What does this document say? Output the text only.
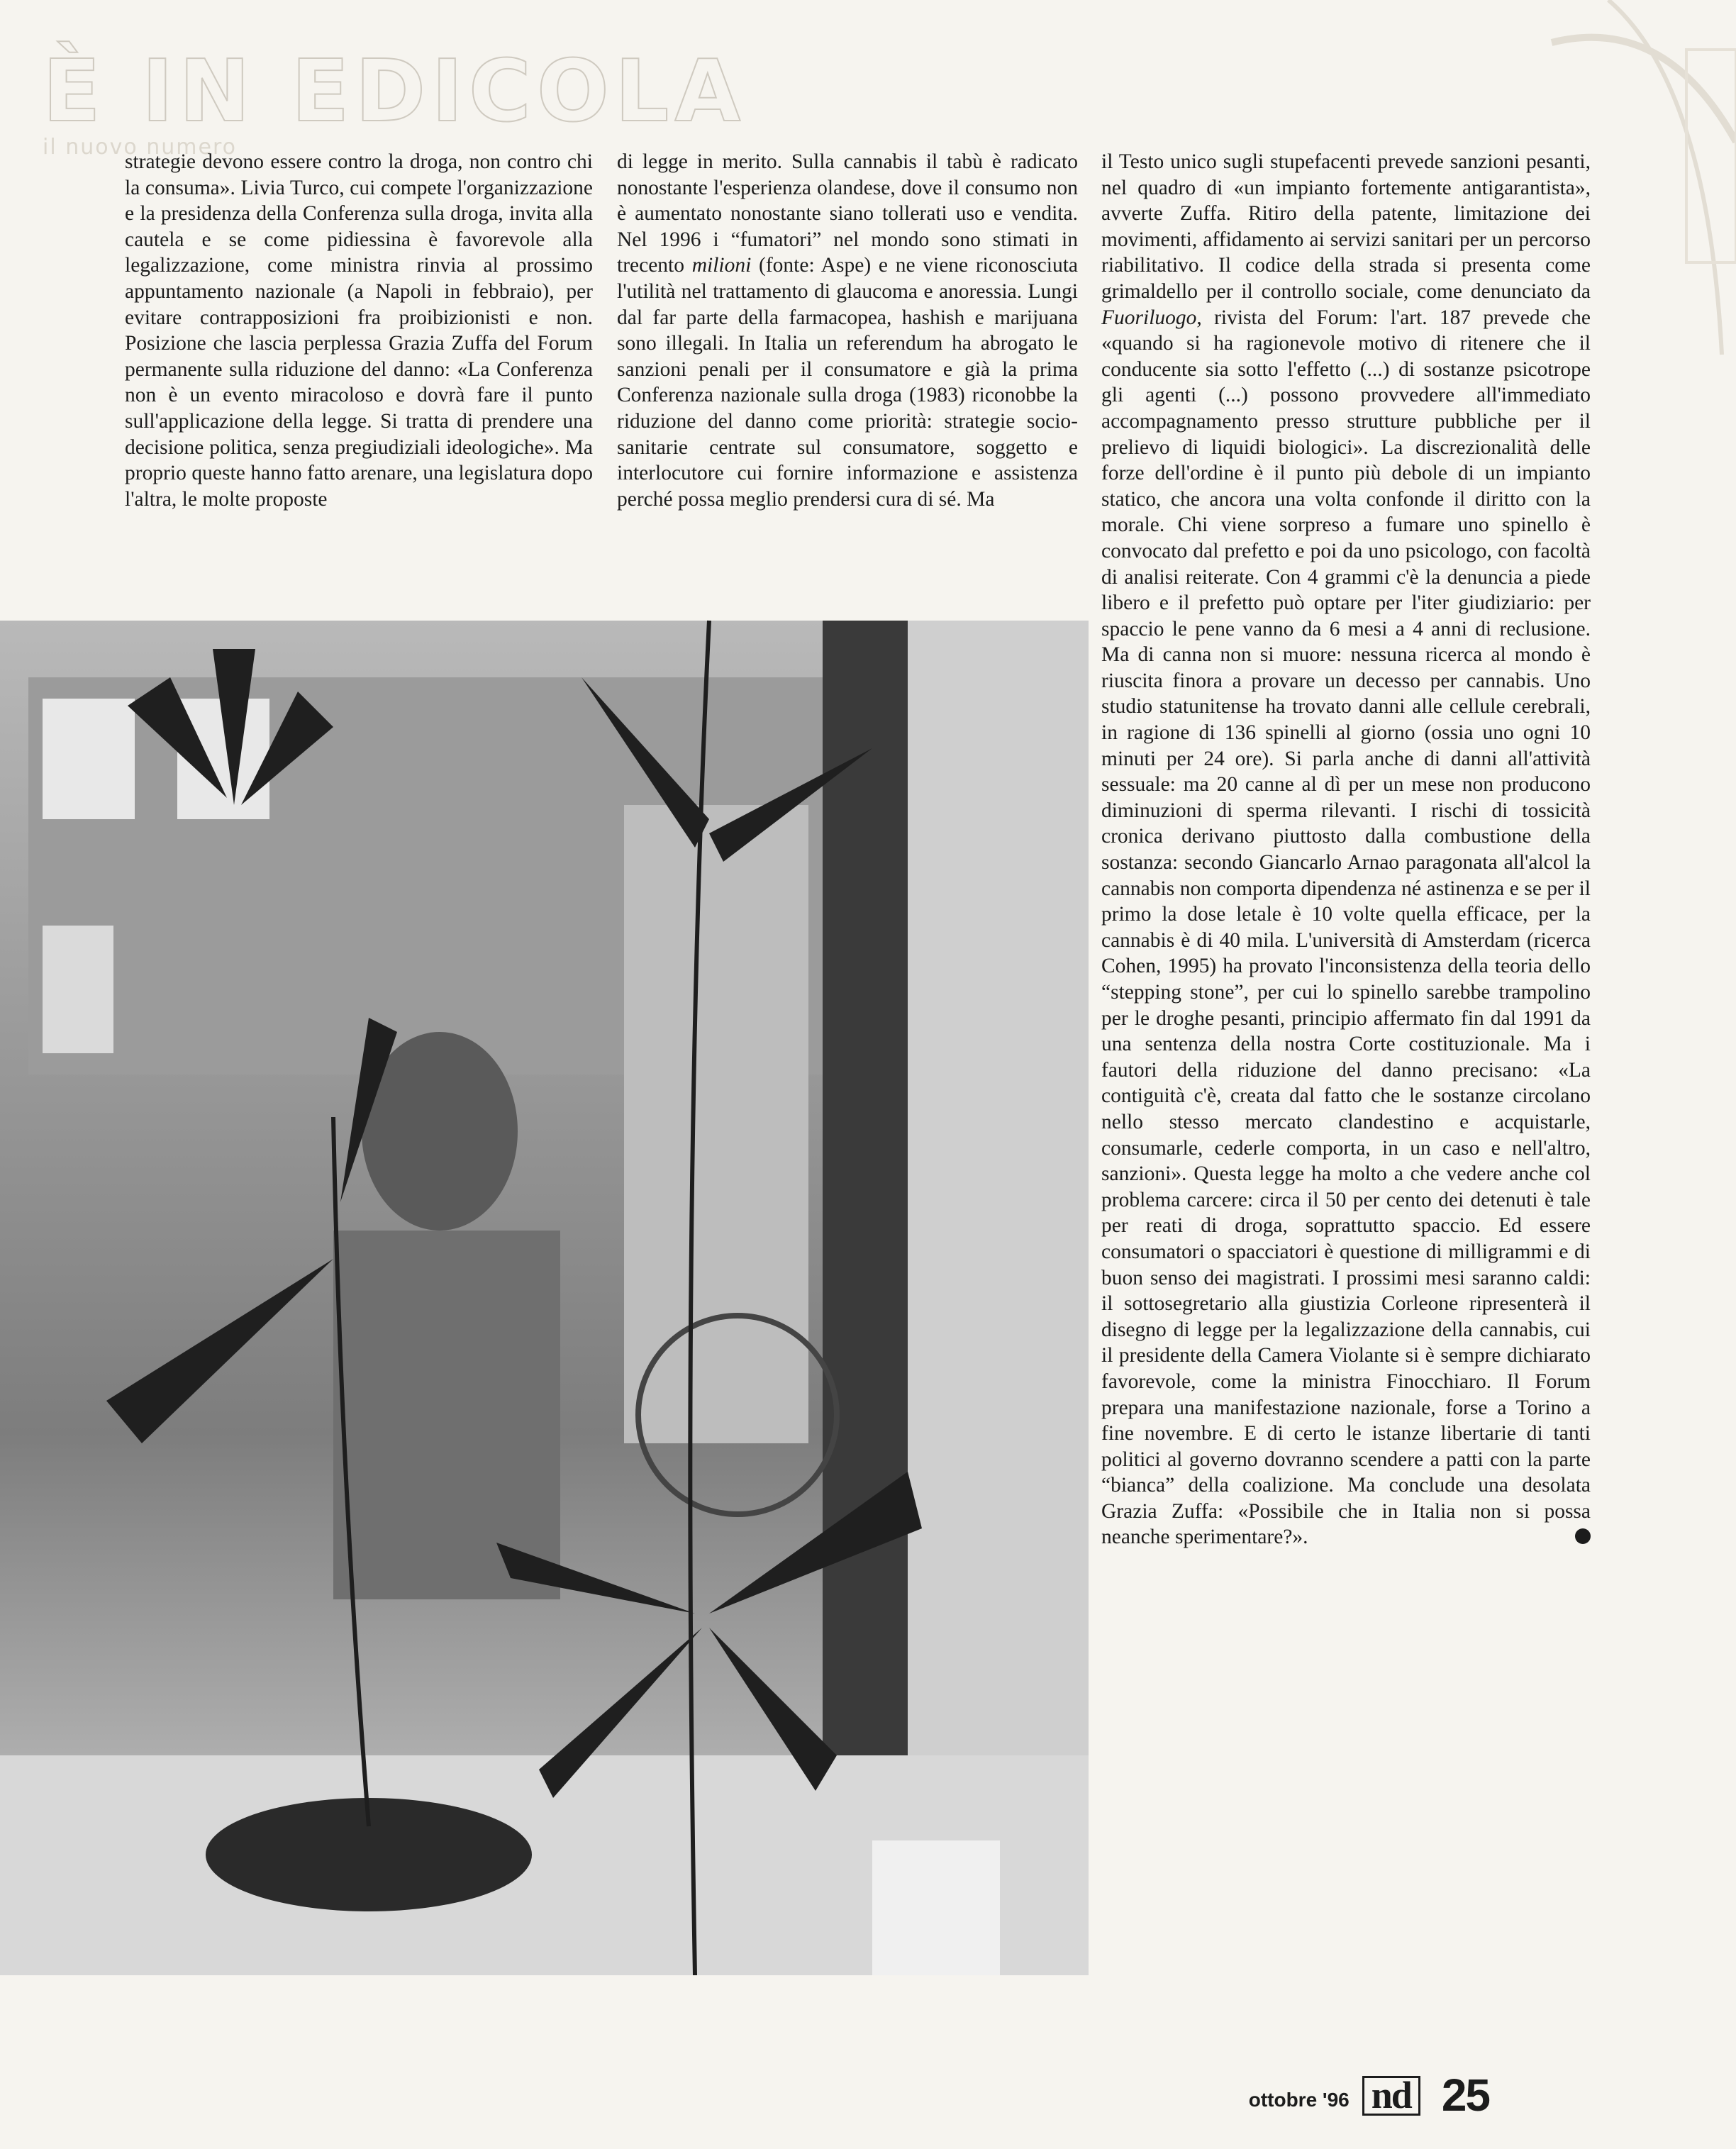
È IN EDICOLA
il nuovo numero

strategie devono essere contro la droga, non contro chi la consuma». Livia Turco, cui compete l'organizzazione e la presidenza della Conferenza sulla droga, invita alla cautela e se come pidiessina è favorevole alla legalizzazione, come ministra rinvia al prossimo appuntamento nazionale (a Napoli in febbraio), per evitare contrapposizioni fra proibizionisti e non. Posizione che lascia perplessa Grazia Zuffa del Forum permanente sulla riduzione del danno: «La Conferenza non è un evento miracoloso e dovrà fare il punto sull'applicazione della legge. Si tratta di prendere una decisione politica, senza pregiudiziali ideologiche». Ma proprio queste hanno fatto arenare, una legislatura dopo l'altra, le molte proposte

di legge in merito. Sulla cannabis il tabù è radicato nonostante l'esperienza olandese, dove il consumo non è aumentato nonostante siano tollerati uso e vendita. Nel 1996 i “fumatori” nel mondo sono stimati in trecento milioni (fonte: Aspe) e ne viene riconosciuta l'utilità nel trattamento di glaucoma e anoressia. Lungi dal far parte della farmacopea, hashish e marijuana sono illegali. In Italia un referendum ha abrogato le sanzioni penali per il consumatore e già la prima Conferenza nazionale sulla droga (1983) riconobbe la riduzione del danno come priorità: strategie socio-sanitarie centrate sul consumatore, soggetto e interlocutore cui fornire informazione e assistenza perché possa meglio prendersi cura di sé. Ma

il Testo unico sugli stupefacenti prevede sanzioni pesanti, nel quadro di «un impianto fortemente antigarantista», avverte Zuffa. Ritiro della patente, limitazione dei movimenti, affidamento ai servizi sanitari per un percorso riabilitativo. Il codice della strada si presenta come grimaldello per il controllo sociale, come denunciato da Fuoriluogo, rivista del Forum: l'art. 187 prevede che «quando si ha ragionevole motivo di ritenere che il conducente sia sotto l'effetto (...) di sostanze psicotrope gli agenti (...) possono provvedere all'immediato accompagnamento presso strutture pubbliche per il prelievo di liquidi biologici». La discrezionalità delle forze dell'ordine è il punto più debole di un impianto statico, che ancora una volta confonde il diritto con la morale. Chi viene sorpreso a fumare uno spinello è convocato dal prefetto e poi da uno psicologo, con facoltà di analisi reiterate. Con 4 grammi c'è la denuncia a piede libero e il prefetto può optare per l'iter giudiziario: per spaccio le pene vanno da 6 mesi a 4 anni di reclusione. Ma di canna non si muore: nessuna ricerca al mondo è riuscita finora a provare un decesso per cannabis. Uno studio statunitense ha trovato danni alle cellule cerebrali, in ragione di 136 spinelli al giorno (ossia uno ogni 10 minuti per 24 ore). Si parla anche di danni all'attività sessuale: ma 20 canne al dì per un mese non producono diminuzioni di sperma rilevanti. I rischi di tossicità cronica derivano piuttosto dalla combustione della sostanza: secondo Giancarlo Arnao paragonata all'alcol la cannabis non comporta dipendenza né astinenza e se per il primo la dose letale è 10 volte quella efficace, per la cannabis è di 40 mila. L'università di Amsterdam (ricerca Cohen, 1995) ha provato l'inconsistenza della teoria dello “stepping stone”, per cui lo spinello sarebbe trampolino per le droghe pesanti, principio affermato fin dal 1991 da una sentenza della nostra Corte costituzionale. Ma i fautori della riduzione del danno precisano: «La contiguità c'è, creata dal fatto che le sostanze circolano nello stesso mercato clandestino e acquistarle, consumarle, cederle comporta, in un caso e nell'altro, sanzioni». Questa legge ha molto a che vedere anche col problema carcere: circa il 50 per cento dei detenuti è tale per reati di droga, soprattutto spaccio. Ed essere consumatori o spacciatori è questione di milligrammi e di buon senso dei magistrati. I prossimi mesi saranno caldi: il sottosegretario alla giustizia Corleone ripresenterà il disegno di legge per la legalizzazione della cannabis, cui il presidente della Camera Violante si è sempre dichiarato favorevole, come la ministra Finocchiaro. Il Forum prepara una manifestazione nazionale, forse a Torino a fine novembre. E di certo le istanze libertarie di tanti politici al governo dovranno scendere a patti con la parte “bianca” della coalizione. Ma conclude una desolata Grazia Zuffa: «Possibile che in Italia non si possa neanche sperimentare?».

ottobre '96 nd 25
